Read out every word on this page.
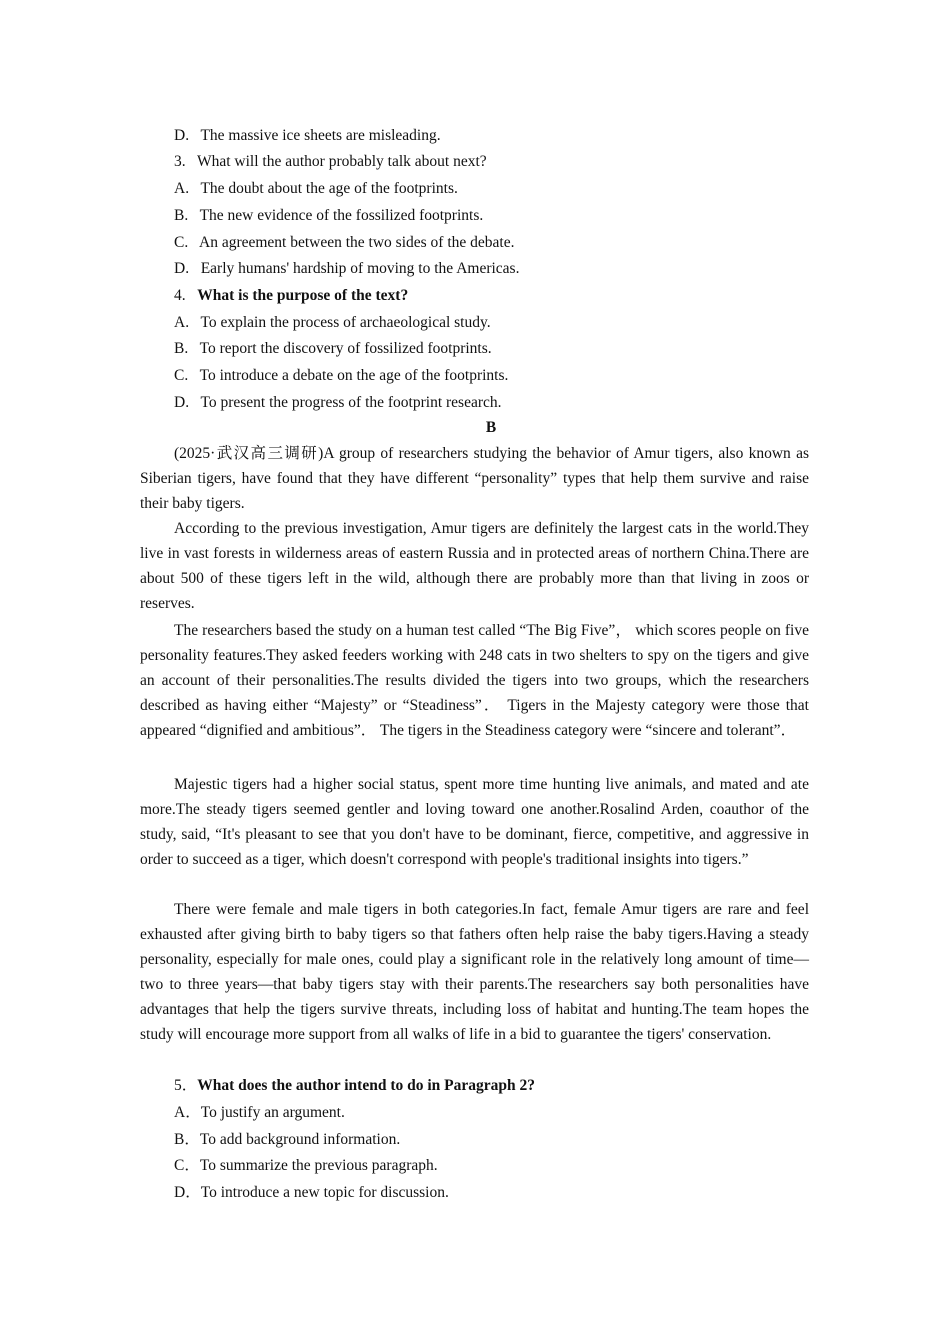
D. The massive ice sheets are misleading.
3. What will the author probably talk about next?
A. The doubt about the age of the footprints.
B. The new evidence of the fossilized footprints.
C. An agreement between the two sides of the debate.
D. Early humans' hardship of moving to the Americas.
4. What is the purpose of the text?
A. To explain the process of archaeological study.
B. To report the discovery of fossilized footprints.
C. To introduce a debate on the age of the footprints.
D. To present the progress of the footprint research.
B
(2025·武汉高三调研)A group of researchers studying the behavior of Amur tigers, also known as Siberian tigers, have found that they have different “personality” types that help them survive and raise their baby tigers.
According to the previous investigation, Amur tigers are definitely the largest cats in the world.They live in vast forests in wilderness areas of eastern Russia and in protected areas of northern China.There are about 500 of these tigers left in the wild, although there are probably more than that living in zoos or reserves.
The researchers based the study on a human test called “The Big Five”， which scores people on five personality features.They asked feeders working with 248 cats in two shelters to spy on the tigers and give an account of their personalities.The results divided the tigers into two groups, which the researchers described as having either “Majesty” or “Steadiness”． Tigers in the Majesty category were those that appeared “dignified and ambitious”． The tigers in the Steadiness category were “sincere and tolerant”．
Majestic tigers had a higher social status, spent more time hunting live animals, and mated and ate more.The steady tigers seemed gentler and loving toward one another.Rosalind Arden, coauthor of the study, said, “It's pleasant to see that you don't have to be dominant, fierce, competitive, and aggressive in order to succeed as a tiger, which doesn't correspond with people's traditional insights into tigers.”
There were female and male tigers in both categories.In fact, female Amur tigers are rare and feel exhausted after giving birth to baby tigers so that fathers often help raise the baby tigers.Having a steady personality, especially for male ones, could play a significant role in the relatively long amount of time—two to three years—that baby tigers stay with their parents.The researchers say both personalities have advantages that help the tigers survive threats, including loss of habitat and hunting.The team hopes the study will encourage more support from all walks of life in a bid to guarantee the tigers' conservation.
5．What does the author intend to do in Paragraph 2?
A．To justify an argument.
B．To add background information.
C．To summarize the previous paragraph.
D．To introduce a new topic for discussion.
